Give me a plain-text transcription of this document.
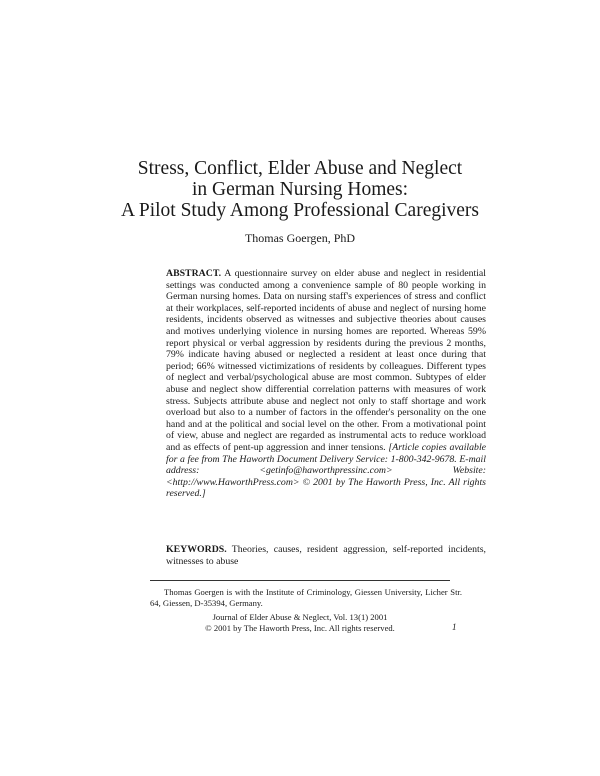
Stress, Conflict, Elder Abuse and Neglect
in German Nursing Homes:
A Pilot Study Among Professional Caregivers
Thomas Goergen, PhD
ABSTRACT. A questionnaire survey on elder abuse and neglect in residential settings was conducted among a convenience sample of 80 people working in German nursing homes. Data on nursing staff's experiences of stress and conflict at their workplaces, self-reported incidents of abuse and neglect of nursing home residents, incidents observed as witnesses and subjective theories about causes and motives underlying violence in nursing homes are reported. Whereas 59% report physical or verbal aggression by residents during the previous 2 months, 79% indicate having abused or neglected a resident at least once during that period; 66% witnessed victimizations of residents by colleagues. Different types of neglect and verbal/psychological abuse are most common. Subtypes of elder abuse and neglect show differential correlation patterns with measures of work stress. Subjects attribute abuse and neglect not only to staff shortage and work overload but also to a number of factors in the offender's personality on the one hand and at the political and social level on the other. From a motivational point of view, abuse and neglect are regarded as instrumental acts to reduce workload and as effects of pent-up aggression and inner tensions. [Article copies available for a fee from The Haworth Document Delivery Service: 1-800-342-9678. E-mail address: <getinfo@haworthpressinc.com> Website: <http://www.HaworthPress.com> © 2001 by The Haworth Press, Inc. All rights reserved.]
KEYWORDS. Theories, causes, resident aggression, self-reported incidents, witnesses to abuse
Thomas Goergen is with the Institute of Criminology, Giessen University, Licher Str. 64, Giessen, D-35394, Germany.
Journal of Elder Abuse & Neglect, Vol. 13(1) 2001
© 2001 by The Haworth Press, Inc. All rights reserved.	1
